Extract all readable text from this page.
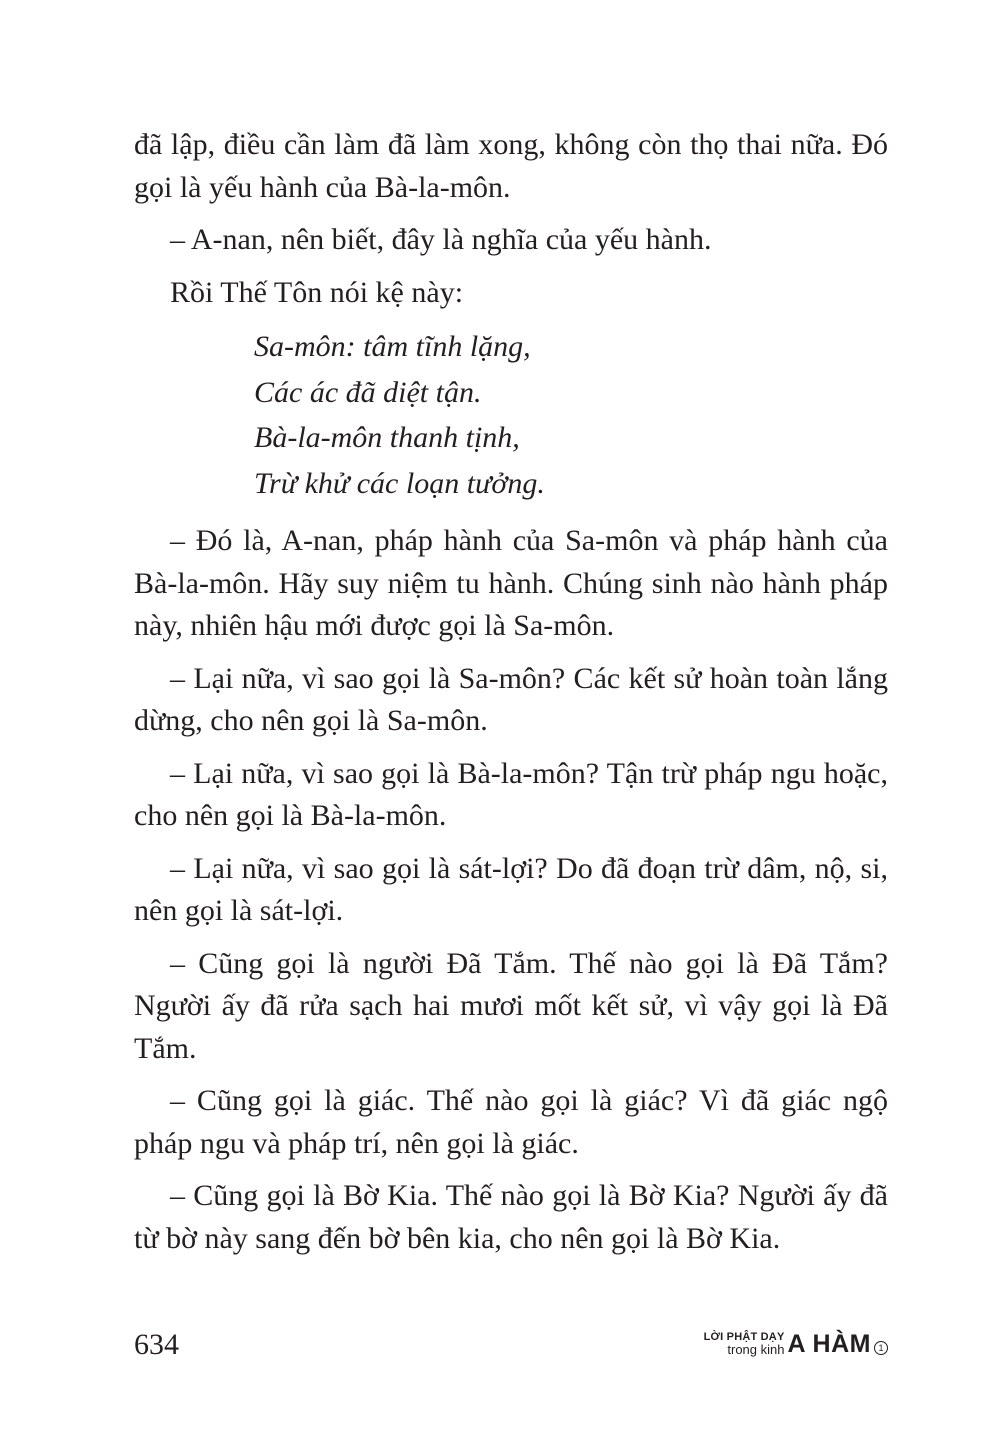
đã lập, điều cần làm đã làm xong, không còn thọ thai nữa. Đó gọi là yếu hành của Bà-la-môn.

– A-nan, nên biết, đây là nghĩa của yếu hành.

Rồi Thế Tôn nói kệ này:

Sa-môn: tâm tĩnh lặng,
Các ác đã diệt tận.
Bà-la-môn thanh tịnh,
Trừ khử các loạn tưởng.

– Đó là, A-nan, pháp hành của Sa-môn và pháp hành của Bà-la-môn. Hãy suy niệm tu hành. Chúng sinh nào hành pháp này, nhiên hậu mới được gọi là Sa-môn.

– Lại nữa, vì sao gọi là Sa-môn? Các kết sử hoàn toàn lắng dừng, cho nên gọi là Sa-môn.

– Lại nữa, vì sao gọi là Bà-la-môn? Tận trừ pháp ngu hoặc, cho nên gọi là Bà-la-môn.

– Lại nữa, vì sao gọi là sát-lợi? Do đã đoạn trừ dâm, nộ, si, nên gọi là sát-lợi.

– Cũng gọi là người Đã Tắm. Thế nào gọi là Đã Tắm? Người ấy đã rửa sạch hai mươi mốt kết sử, vì vậy gọi là Đã Tắm.

– Cũng gọi là giác. Thế nào gọi là giác? Vì đã giác ngộ pháp ngu và pháp trí, nên gọi là giác.

– Cũng gọi là Bờ Kia. Thế nào gọi là Bờ Kia? Người ấy đã từ bờ này sang đến bờ bên kia, cho nên gọi là Bờ Kia.

634	LỜI PHẬT DẠY
trong kinh A HÀM 1
